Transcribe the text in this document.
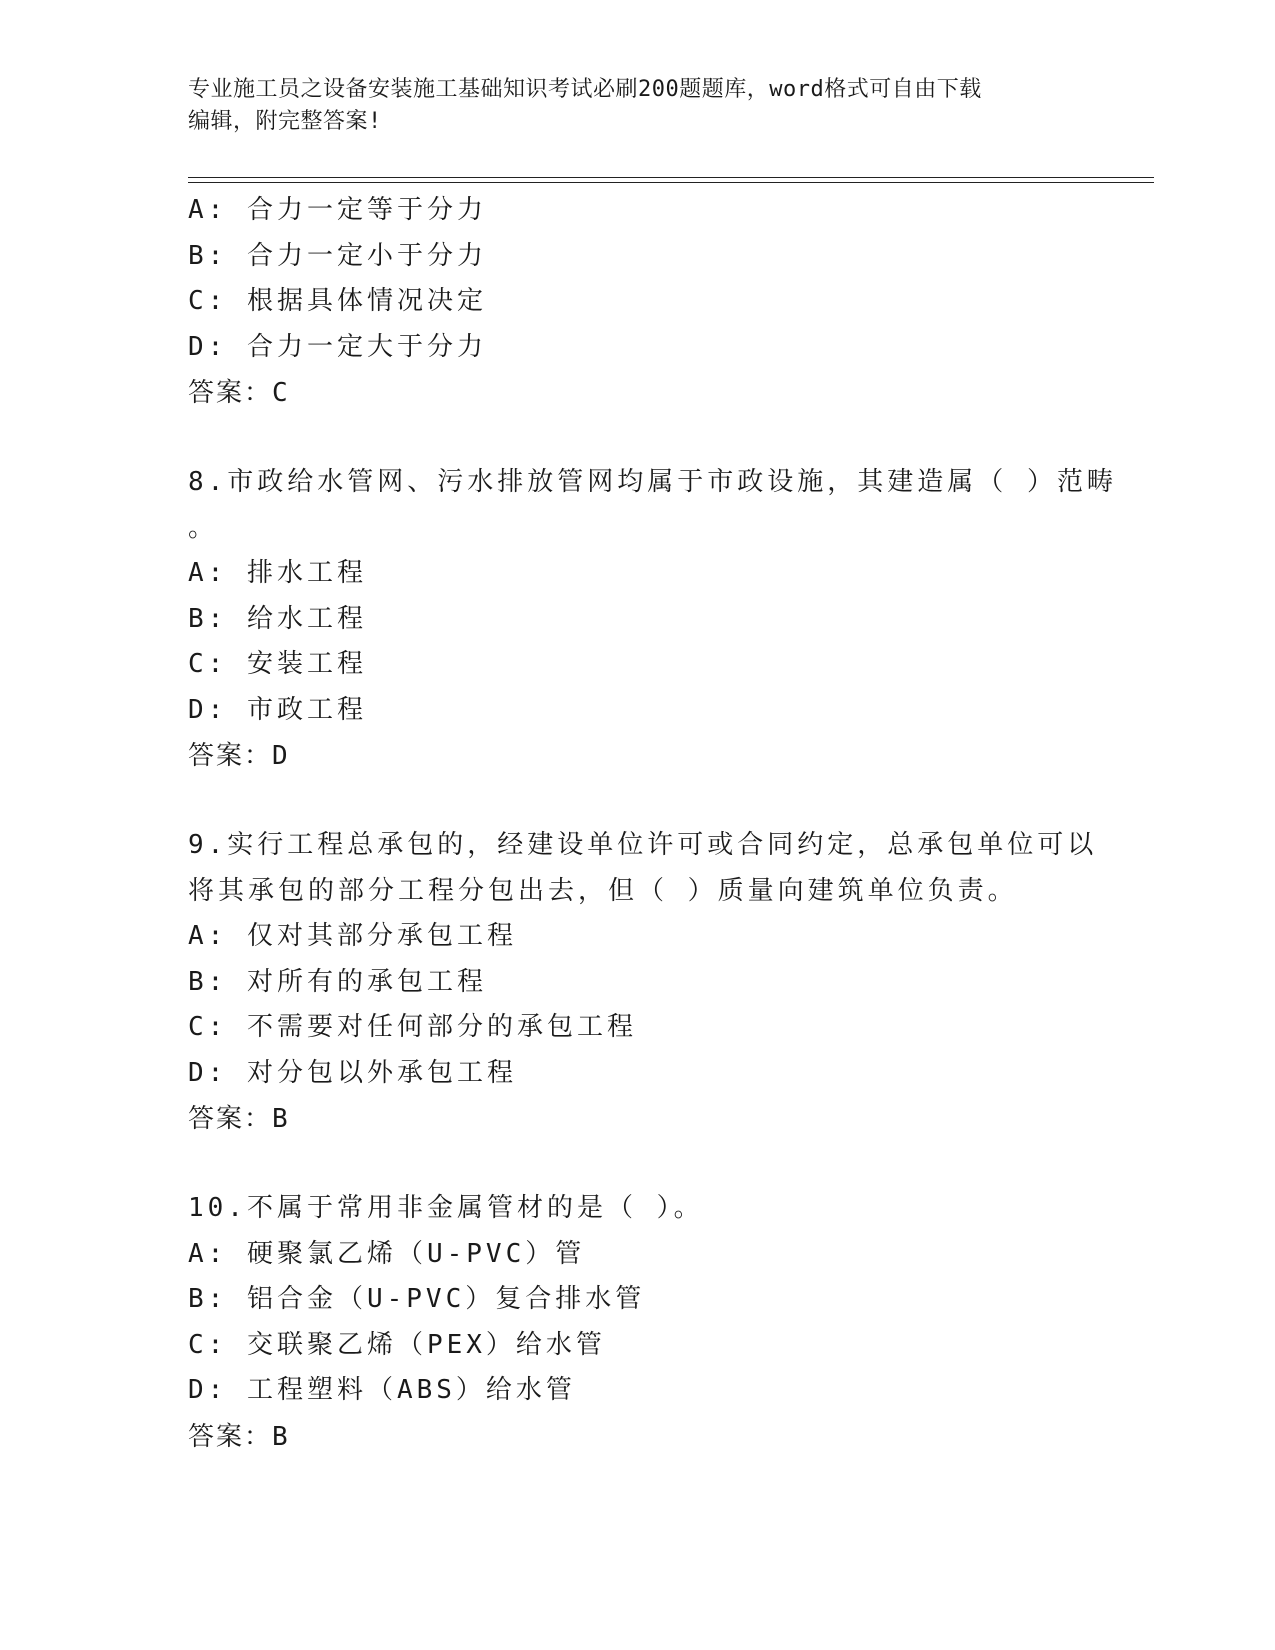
专业施工员之设备安装施工基础知识考试必刷200题题库，word格式可自由下载
编辑，附完整答案!
A: 合力一定等于分力
B: 合力一定小于分力
C: 根据具体情况决定
D: 合力一定大于分力
答案：C
8.市政给水管网、污水排放管网均属于市政设施，其建造属（ ）范畴
。
A: 排水工程
B: 给水工程
C: 安装工程
D: 市政工程
答案：D
9.实行工程总承包的，经建设单位许可或合同约定，总承包单位可以
将其承包的部分工程分包出去，但（ ）质量向建筑单位负责。
A: 仅对其部分承包工程
B: 对所有的承包工程
C: 不需要对任何部分的承包工程
D: 对分包以外承包工程
答案：B
10.不属于常用非金属管材的是（ ）。
A: 硬聚氯乙烯（U-PVC）管
B: 铝合金（U-PVC）复合排水管
C: 交联聚乙烯（PEX）给水管
D: 工程塑料（ABS）给水管
答案：B
